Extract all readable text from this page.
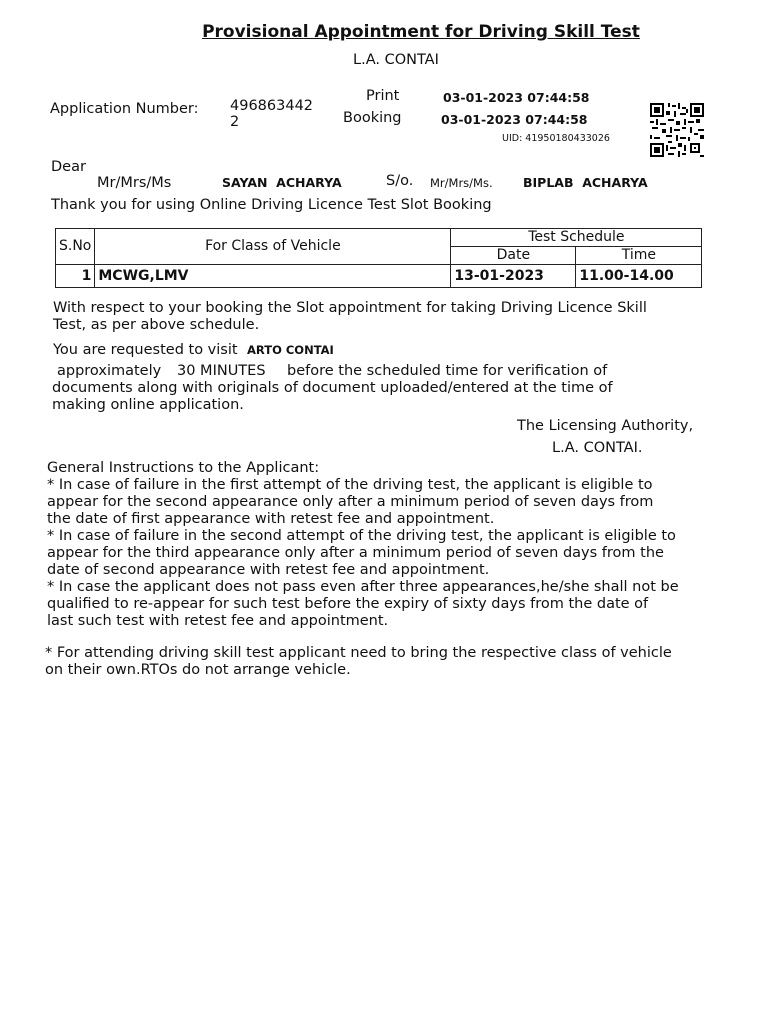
Provisional Appointment for Driving Skill Test
L.A. CONTAI
Application Number: 496863442
2
Print	03-01-2023 07:44:58
Booking	03-01-2023 07:44:58
UID: 41950180433026
Dear
Mr/Mrs/Ms	SAYAN  ACHARYA	S/o. Mr/Mrs/Ms. BIPLAB  ACHARYA
Thank you for using Online Driving Licence Test Slot Booking
S.No	For Class of Vehicle	Test Schedule	
		Date	Time
1	MCWG,LMV	13-01-2023	11.00-14.00
With respect to your booking the Slot appointment for taking Driving Licence Skill
Test, as per above schedule.
You are requested to visit ARTO CONTAI
approximately 30 MINUTES before the scheduled time for verification of
documents along with originals of document uploaded/entered at the time of
making online application.
The Licensing Authority,
L.A. CONTAI.
General Instructions to the Applicant:
* In case of failure in the first attempt of the driving test, the applicant is eligible to
appear for the second appearance only after a minimum period of seven days from
the date of first appearance with retest fee and appointment.
* In case of failure in the second attempt of the driving test, the applicant is eligible to
appear for the third appearance only after a minimum period of seven days from the
date of second appearance with retest fee and appointment.
* In case the applicant does not pass even after three appearances,he/she shall not be
qualified to re-appear for such test before the expiry of sixty days from the date of
last such test with retest fee and appointment.
* For attending driving skill test applicant need to bring the respective class of vehicle
on their own.RTOs do not arrange vehicle.
